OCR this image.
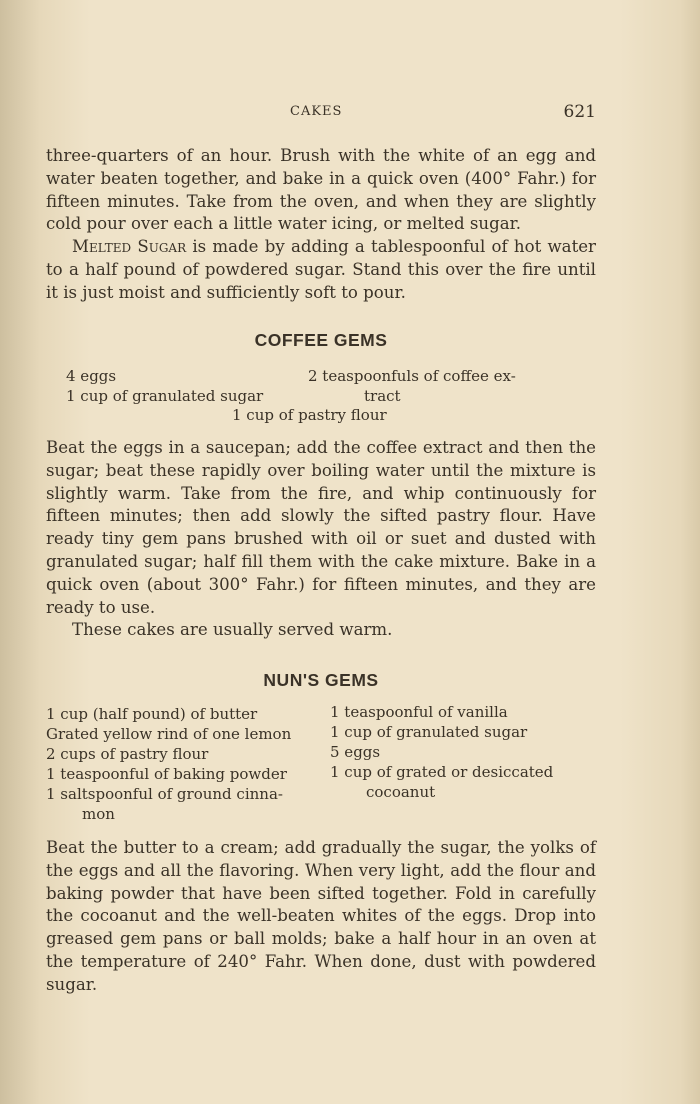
CAKES	621

three-quarters of an hour. Brush with the white of an egg and water beaten together, and bake in a quick oven (400° Fahr.) for fifteen minutes. Take from the oven, and when they are slightly cold pour over each a little water icing, or melted sugar.

Melted Sugar is made by adding a tablespoonful of hot water to a half pound of powdered sugar. Stand this over the fire until it is just moist and sufficiently soft to pour.

COFFEE GEMS
4 eggs
1 cup of granulated sugar
2 teaspoonfuls of coffee ex-
tract
1 cup of pastry flour

Beat the eggs in a saucepan; add the coffee extract and then the sugar; beat these rapidly over boiling water until the mixture is slightly warm. Take from the fire, and whip continuously for fifteen minutes; then add slowly the sifted pastry flour. Have ready tiny gem pans brushed with oil or suet and dusted with granulated sugar; half fill them with the cake mixture. Bake in a quick oven (about 300° Fahr.) for fifteen minutes, and they are ready to use.

These cakes are usually served warm.

NUN'S GEMS
1 cup (half pound) of butter
Grated yellow rind of one lemon
2 cups of pastry flour
1 teaspoonful of baking powder
1 saltspoonful of ground cinna-
mon
1 teaspoonful of vanilla
1 cup of granulated sugar
5 eggs
1 cup of grated or desiccated
cocoanut

Beat the butter to a cream; add gradually the sugar, the yolks of the eggs and all the flavoring. When very light, add the flour and baking powder that have been sifted together. Fold in carefully the cocoanut and the well-beaten whites of the eggs. Drop into greased gem pans or ball molds; bake a half hour in an oven at the temperature of 240° Fahr. When done, dust with powdered sugar.
